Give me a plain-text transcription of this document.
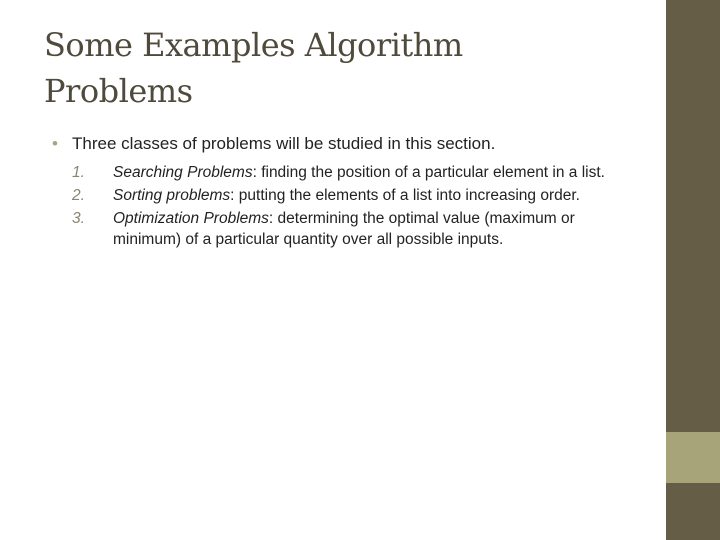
Some Examples Algorithm
Problems
• Three classes of problems will be studied in this section.
1. Searching Problems: finding the position of a particular element in a list.
2. Sorting problems: putting the elements of a list into increasing order.
3. Optimization Problems: determining the optimal value (maximum or minimum) of a particular quantity over all possible inputs.
